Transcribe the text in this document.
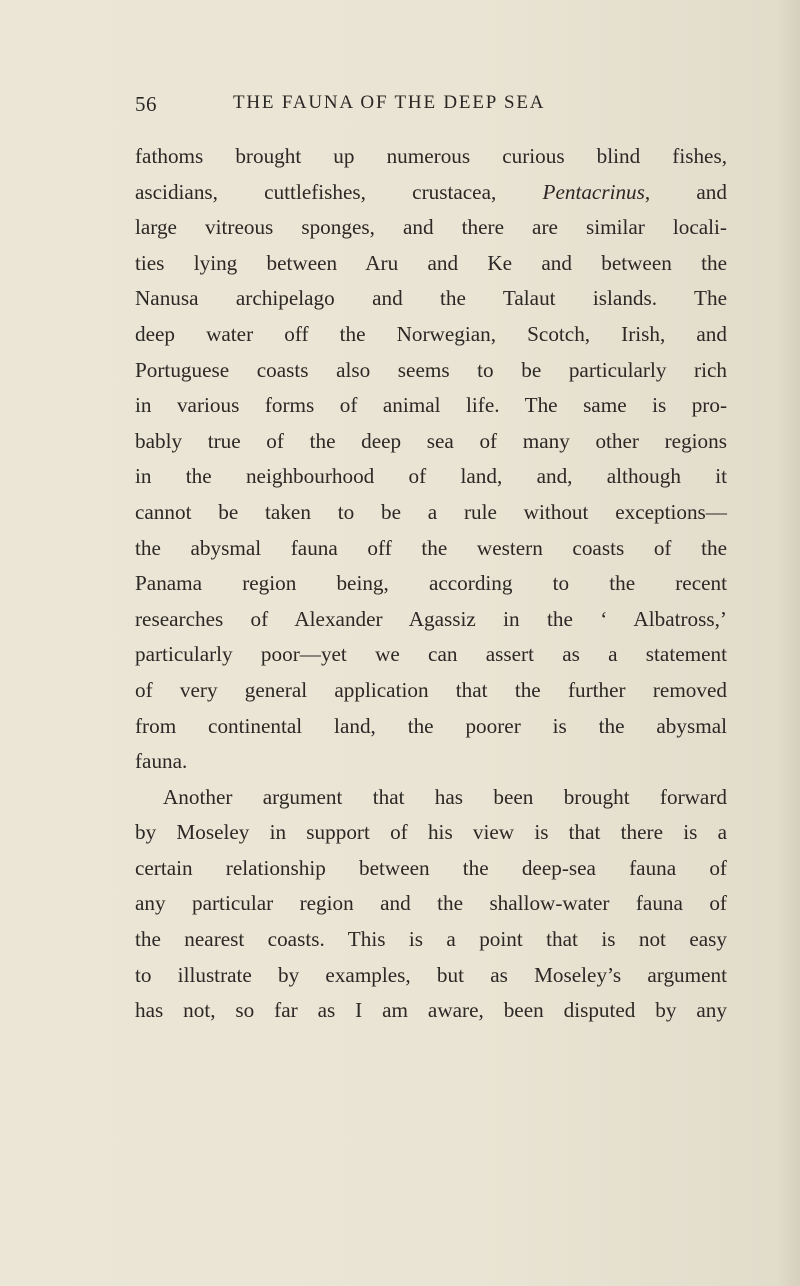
56	THE FAUNA OF THE DEEP SEA
fathoms brought up numerous curious blind fishes,
ascidians, cuttlefishes, crustacea, Pentacrinus, and
large vitreous sponges, and there are similar locali-
ties lying between Aru and Ke and between the
Nanusa archipelago and the Talaut islands. The
deep water off the Norwegian, Scotch, Irish, and
Portuguese coasts also seems to be particularly rich
in various forms of animal life. The same is pro-
bably true of the deep sea of many other regions
in the neighbourhood of land, and, although it
cannot be taken to be a rule without exceptions—
the abysmal fauna off the western coasts of the
Panama region being, according to the recent
researches of Alexander Agassiz in the ‘ Albatross,’
particularly poor—yet we can assert as a statement
of very general application that the further removed
from continental land, the poorer is the abysmal
fauna.
Another argument that has been brought forward
by Moseley in support of his view is that there is a
certain relationship between the deep-sea fauna of
any particular region and the shallow-water fauna of
the nearest coasts. This is a point that is not easy
to illustrate by examples, but as Moseley’s argument
has not, so far as I am aware, been disputed by any
